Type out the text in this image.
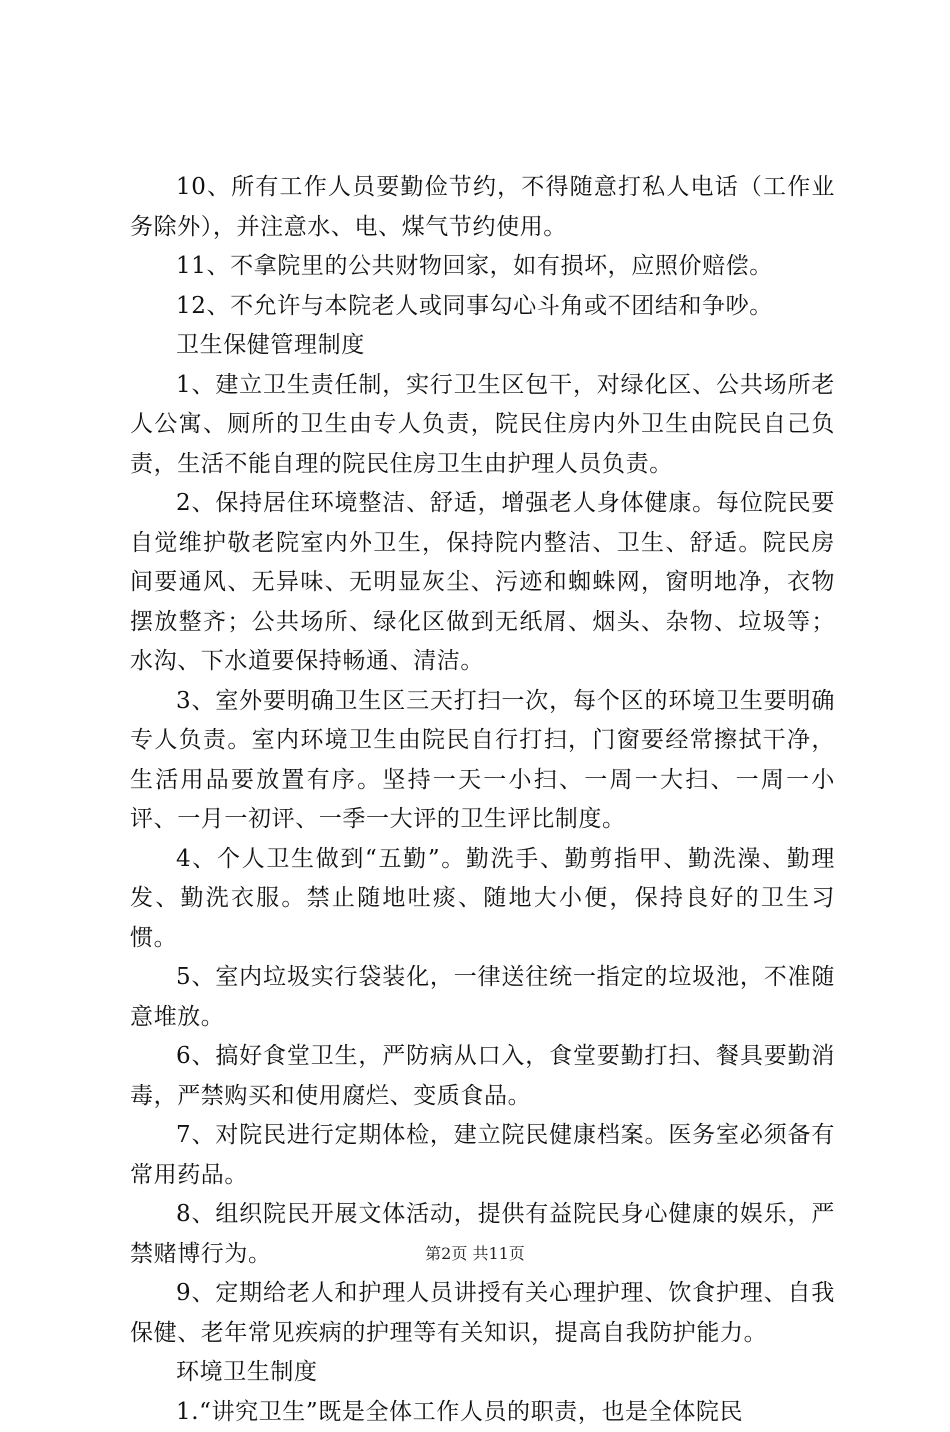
10、所有工作人员要勤俭节约，不得随意打私人电话（工作业务除外），并注意水、电、煤气节约使用。

11、不拿院里的公共财物回家，如有损坏，应照价赔偿。

12、不允许与本院老人或同事勾心斗角或不团结和争吵。

卫生保健管理制度

1、建立卫生责任制，实行卫生区包干，对绿化区、公共场所老人公寓、厕所的卫生由专人负责，院民住房内外卫生由院民自己负责，生活不能自理的院民住房卫生由护理人员负责。

2、保持居住环境整洁、舒适，增强老人身体健康。每位院民要自觉维护敬老院室内外卫生，保持院内整洁、卫生、舒适。院民房间要通风、无异味、无明显灰尘、污迹和蜘蛛网，窗明地净，衣物摆放整齐；公共场所、绿化区做到无纸屑、烟头、杂物、垃圾等；水沟、下水道要保持畅通、清洁。

3、室外要明确卫生区三天打扫一次，每个区的环境卫生要明确专人负责。室内环境卫生由院民自行打扫，门窗要经常擦拭干净，生活用品要放置有序。坚持一天一小扫、一周一大扫、一周一小评、一月一初评、一季一大评的卫生评比制度。

4、个人卫生做到“五勤”。勤洗手、勤剪指甲、勤洗澡、勤理发、勤洗衣服。禁止随地吐痰、随地大小便，保持良好的卫生习惯。

5、室内垃圾实行袋装化，一律送往统一指定的垃圾池，不准随意堆放。

6、搞好食堂卫生，严防病从口入，食堂要勤打扫、餐具要勤消毒，严禁购买和使用腐烂、变质食品。

7、对院民进行定期体检，建立院民健康档案。医务室必须备有常用药品。

8、组织院民开展文体活动，提供有益院民身心健康的娱乐，严禁赌博行为。

9、定期给老人和护理人员讲授有关心理护理、饮食护理、自我保健、老年常见疾病的护理等有关知识，提高自我防护能力。

环境卫生制度

1.“讲究卫生”既是全体工作人员的职责，也是全体院民

第2页 共11页
